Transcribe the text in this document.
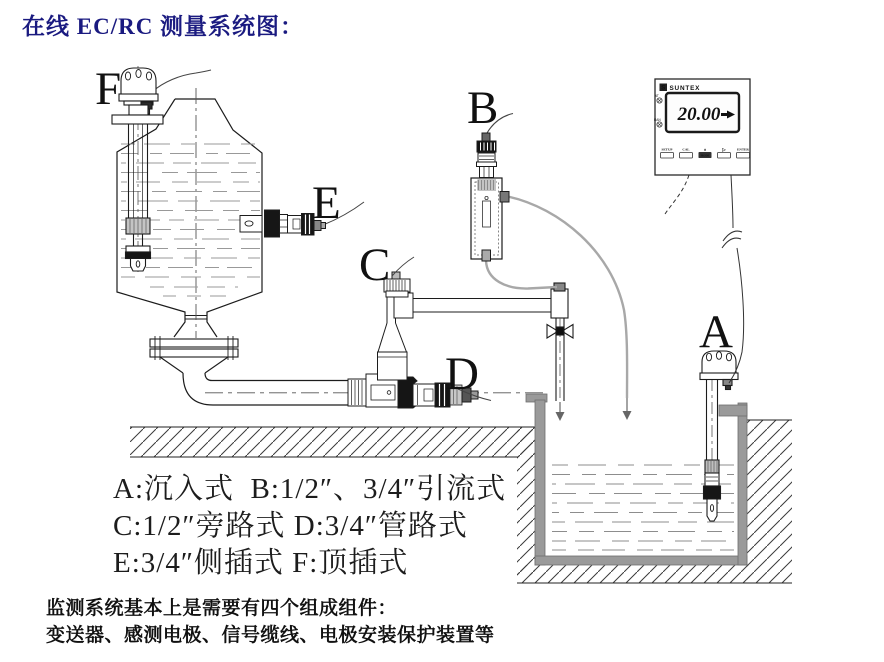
在线 EC/RC 测量系统图：
S SUNTEX
AT
RAN 20.00
SETUP	CAL	▲
MODE
▷	ENTER
A
B
C
D
E
F
A:沉入式  B:1/2″、3/4″引流式
C:1/2″旁路式 D:3/4″管路式
E:3/4″侧插式 F:顶插式
监测系统基本上是需要有四个组成组件：
变送器、感测电极、信号缆线、电极安装保护装置等
